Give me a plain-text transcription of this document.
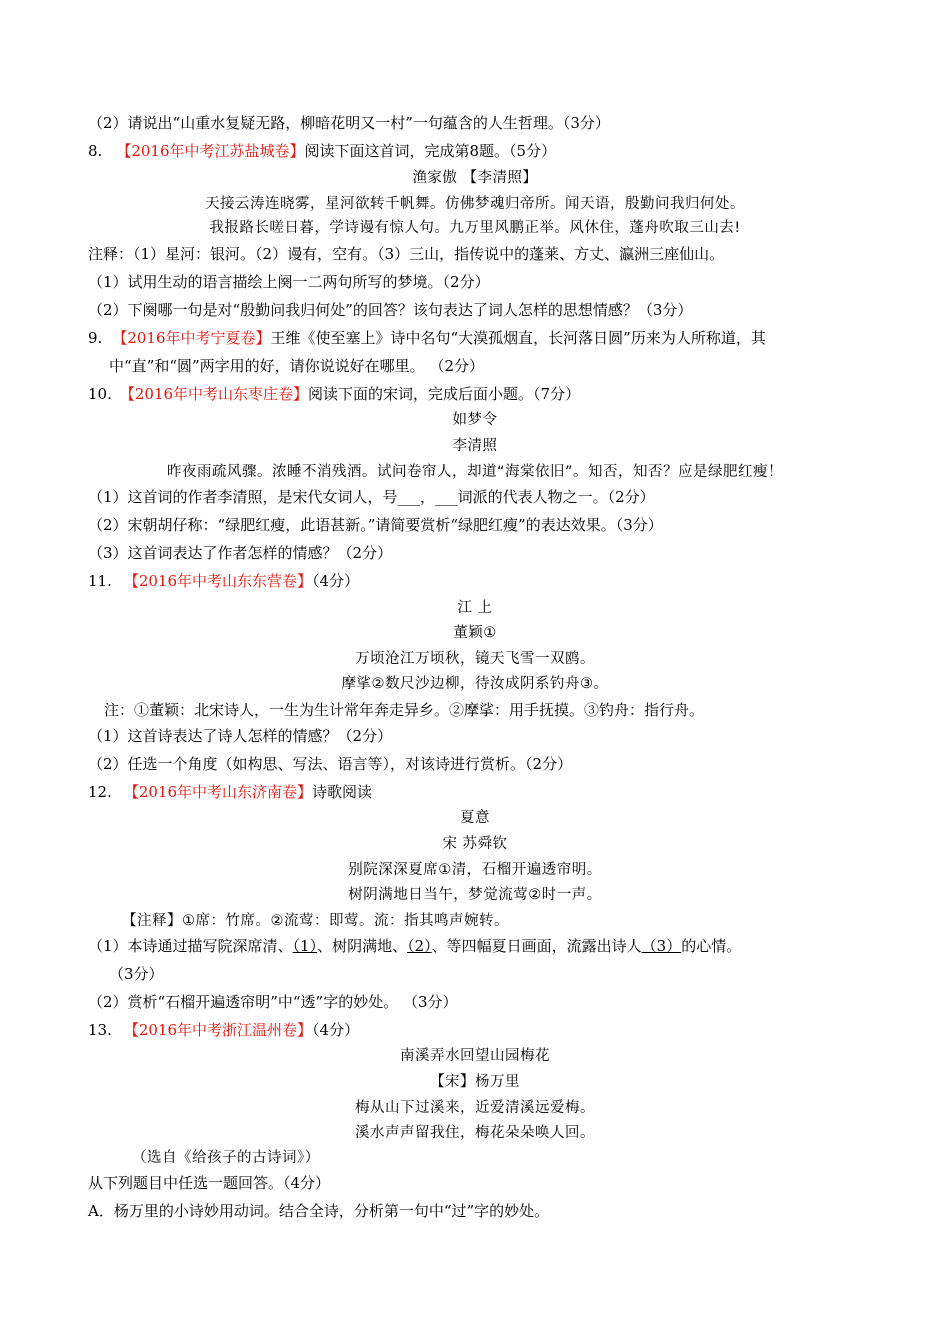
（2）请说出“山重水复疑无路，柳暗花明又一村”一句蕴含的人生哲理。（3分）
8. 【2016年中考江苏盐城卷】阅读下面这首词，完成第8题。（5分）
渔家傲 【李清照】
天接云涛连晓雾，星河欲转千帆舞。仿佛梦魂归帝所。闻天语，殷勤问我归何处。
我报路长嗟日暮，学诗谩有惊人句。九万里风鹏正举。风休住，蓬舟吹取三山去!
注释：（1）星河：银河。（2）谩有，空有。（3）三山，指传说中的蓬莱、方丈、瀛洲三座仙山。
（1）试用生动的语言描绘上阕一二两句所写的梦境。（2分）
（2）下阕哪一句是对“殷勤问我归何处”的回答？该句表达了词人怎样的思想情感？（3分）
9. 【2016年中考宁夏卷】王维《使至塞上》诗中名句“大漠孤烟直，长河落日圆”历来为人所称道，其
中“直”和“圆”两字用的好，请你说说好在哪里。 （2分）
10. 【2016年中考山东枣庄卷】阅读下面的宋词，完成后面小题。（7分）
如梦令
李清照
昨夜雨疏风骤。浓睡不消残酒。试问卷帘人，却道“海棠依旧”。知否，知否？应是绿肥红瘦！
（1）这首词的作者李清照，是宋代女词人，号___，___词派的代表人物之一。（2分）
（2）宋朝胡仔称：“绿肥红瘦，此语甚新。”请简要赏析“绿肥红瘦”的表达效果。（3分）
（3）这首词表达了作者怎样的情感？（2分）
11. 【2016年中考山东东营卷】（4分）
江 上
董颖①
万顷沧江万顷秋，镜天飞雪一双鸥。
摩挲②数尺沙边柳，待汝成阴系钓舟③。
注：①董颖：北宋诗人，一生为生计常年奔走异乡。②摩挲：用手抚摸。③钓舟：指行舟。
（1）这首诗表达了诗人怎样的情感？（2分）
（2）任选一个角度（如构思、写法、语言等），对该诗进行赏析。（2分）
12. 【2016年中考山东济南卷】诗歌阅读
夏意
宋 苏舜钦
别院深深夏席①清，石榴开遍透帘明。
树阴满地日当午，梦觉流莺②时一声。
【注释】①席：竹席。②流莺：即莺。流：指其鸣声婉转。
（1）本诗通过描写院深席清、（1）、树阴满地、（2）、等四幅夏日画面，流露出诗人（3）的心情。
（3分）
（2）赏析“石榴开遍透帘明”中“透”字的妙处。 （3分）
13. 【2016年中考浙江温州卷】（4分）
南溪弄水回望山园梅花
【宋】杨万里
梅从山下过溪来，近爱清溪远爱梅。
溪水声声留我住，梅花朵朵唤人回。
（选自《给孩子的古诗词》）
从下列题目中任选一题回答。（4分）
A．杨万里的小诗妙用动词。结合全诗，分析第一句中“过”字的妙处。
